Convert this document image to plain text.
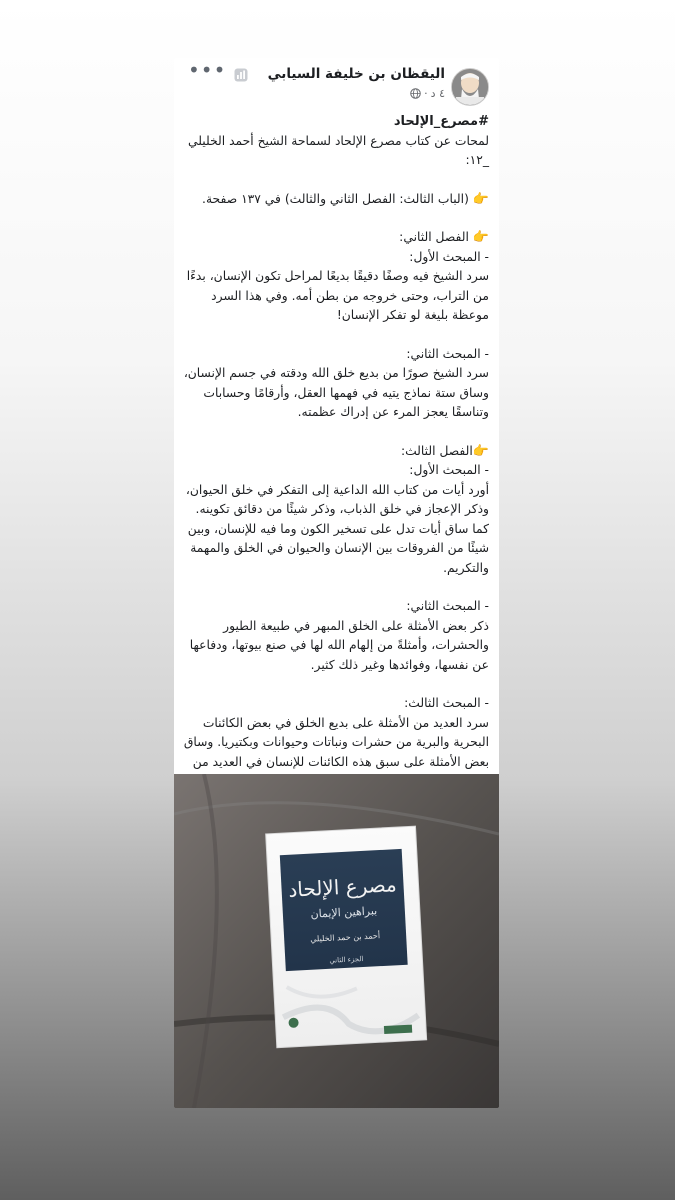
اليقظان بن خليفة السيابي
٤ د
·
•••

#مصرع_الإلحاد

لمحات عن كتاب مصرع الإلحاد لسماحة الشيخ أحمد الخليلي _١٢:

👉 (الباب الثالث: الفصل الثاني والثالث) في ١٣٧ صفحة.

👉 الفصل الثاني:

- المبحث الأول:

سرد الشيخ فيه وصفًا دقيقًا بديعًا لمراحل تكون الإنسان، بدءًا من التراب، وحتى خروجه من بطن أمه. وفي هذا السرد موعظة بليغة لو تفكر الإنسان!

- المبحث الثاني:

سرد الشيخ صورًا من بديع خلق الله ودقته في جسم الإنسان، وساق ستة نماذج يتيه في فهمها العقل، وأرقامًا وحسابات وتناسقًا يعجز المرء عن إدراك عظمته.

👉الفصل الثالث:

- المبحث الأول:

أورد أيات من كتاب الله الداعية إلى التفكر في خلق الحيوان، وذكر الإعجاز في خلق الذباب، وذكر شيئًا من دقائق تكوينه. كما ساق أيات تدل على تسخير الكون وما فيه للإنسان، وبين شيئًا من الفروقات بين الإنسان والحيوان في الخلق والمهمة والتكريم.

- المبحث الثاني:

ذكر بعض الأمثلة على الخلق المبهر في طبيعة الطيور والحشرات، وأمثلةً من إلهام الله لها في صنع بيوتها، ودفاعها عن نفسها، وفوائدها وغير ذلك كثير.

- المبحث الثالث:

سرد العديد من الأمثلة على بديع الخلق في بعض الكائنات البحرية والبرية من حشرات ونباتات وحيوانات وبكتيريا. وساق بعض الأمثلة على سبق هذه الكائنات للإنسان في العديد من

مصرع الإلحاد
ببراهين الإيمان
أحمد بن حمد الخليلي
الجزء الثاني
